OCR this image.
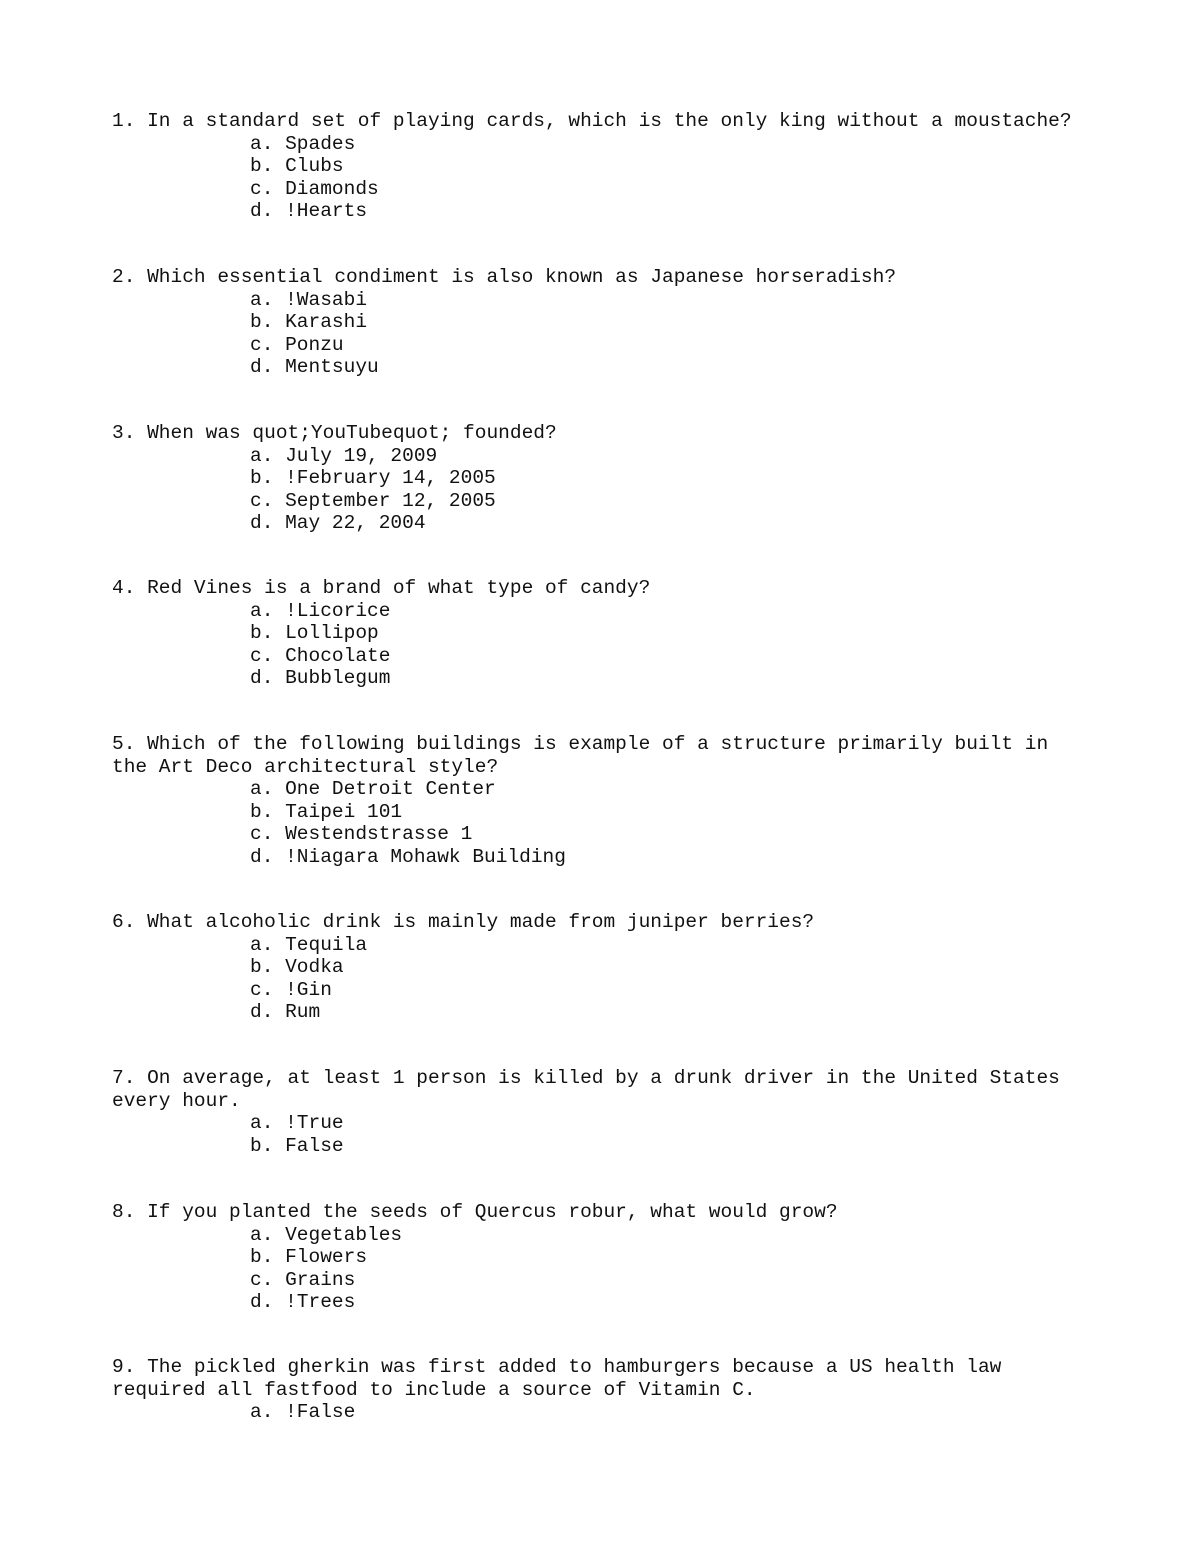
1. In a standard set of playing cards, which is the only king without a moustache?
a. Spades
b. Clubs
c. Diamonds
d. !Hearts
2. Which essential condiment is also known as Japanese horseradish?
a. !Wasabi
b. Karashi
c. Ponzu
d. Mentsuyu
3. When was quot;YouTubequot; founded?
a. July 19, 2009
b. !February 14, 2005
c. September 12, 2005
d. May 22, 2004
4. Red Vines is a brand of what type of candy?
a. !Licorice
b. Lollipop
c. Chocolate
d. Bubblegum
5. Which of the following buildings is example of a structure primarily built in
the Art Deco architectural style?
a. One Detroit Center
b. Taipei 101
c. Westendstrasse 1
d. !Niagara Mohawk Building
6. What alcoholic drink is mainly made from juniper berries?
a. Tequila
b. Vodka
c. !Gin
d. Rum
7. On average, at least 1 person is killed by a drunk driver in the United States
every hour.
a. !True
b. False
8. If you planted the seeds of Quercus robur, what would grow?
a. Vegetables
b. Flowers
c. Grains
d. !Trees
9. The pickled gherkin was first added to hamburgers because a US health law
required all fastfood to include a source of Vitamin C.
a. !False
